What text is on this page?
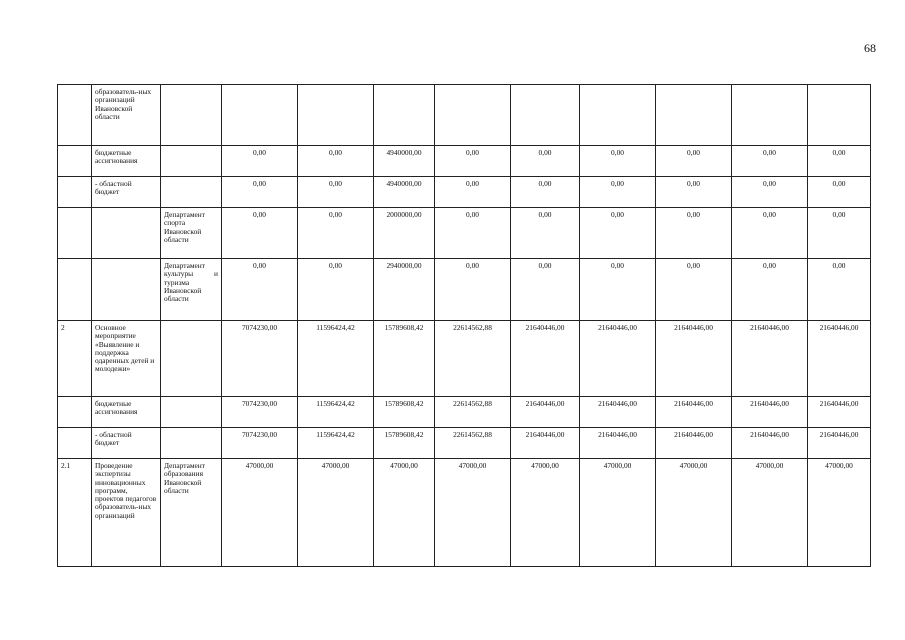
68
	образователь-ных организаций Ивановской области										
	бюджетные ассигнования		0,00	0,00	4940000,00	0,00	0,00	0,00	0,00	0,00	0,00
	- областной бюджет		0,00	0,00	4940000,00	0,00	0,00	0,00	0,00	0,00	0,00
		Департамент спорта Ивановской области	0,00	0,00	2000000,00	0,00	0,00	0,00	0,00	0,00	0,00
		Департамент культуры и туризма Ивановской области	0,00	0,00	2940000,00	0,00	0,00	0,00	0,00	0,00	0,00
2	Основное мероприятие «Выявление и поддержка одаренных детей и молодежи»		7074230,00	11596424,42	15789608,42	22614562,88	21640446,00	21640446,00	21640446,00	21640446,00	21640446,00
	бюджетные ассигнования		7074230,00	11596424,42	15789608,42	22614562,88	21640446,00	21640446,00	21640446,00	21640446,00	21640446,00
	- областной бюджет		7074230,00	11596424,42	15789608,42	22614562,88	21640446,00	21640446,00	21640446,00	21640446,00	21640446,00
2.1	Проведение экспертизы инновационных программ, проектов педагогов образователь-ных организаций	Департамент образования Ивановской области	47000,00	47000,00	47000,00	47000,00	47000,00	47000,00	47000,00	47000,00	47000,00
